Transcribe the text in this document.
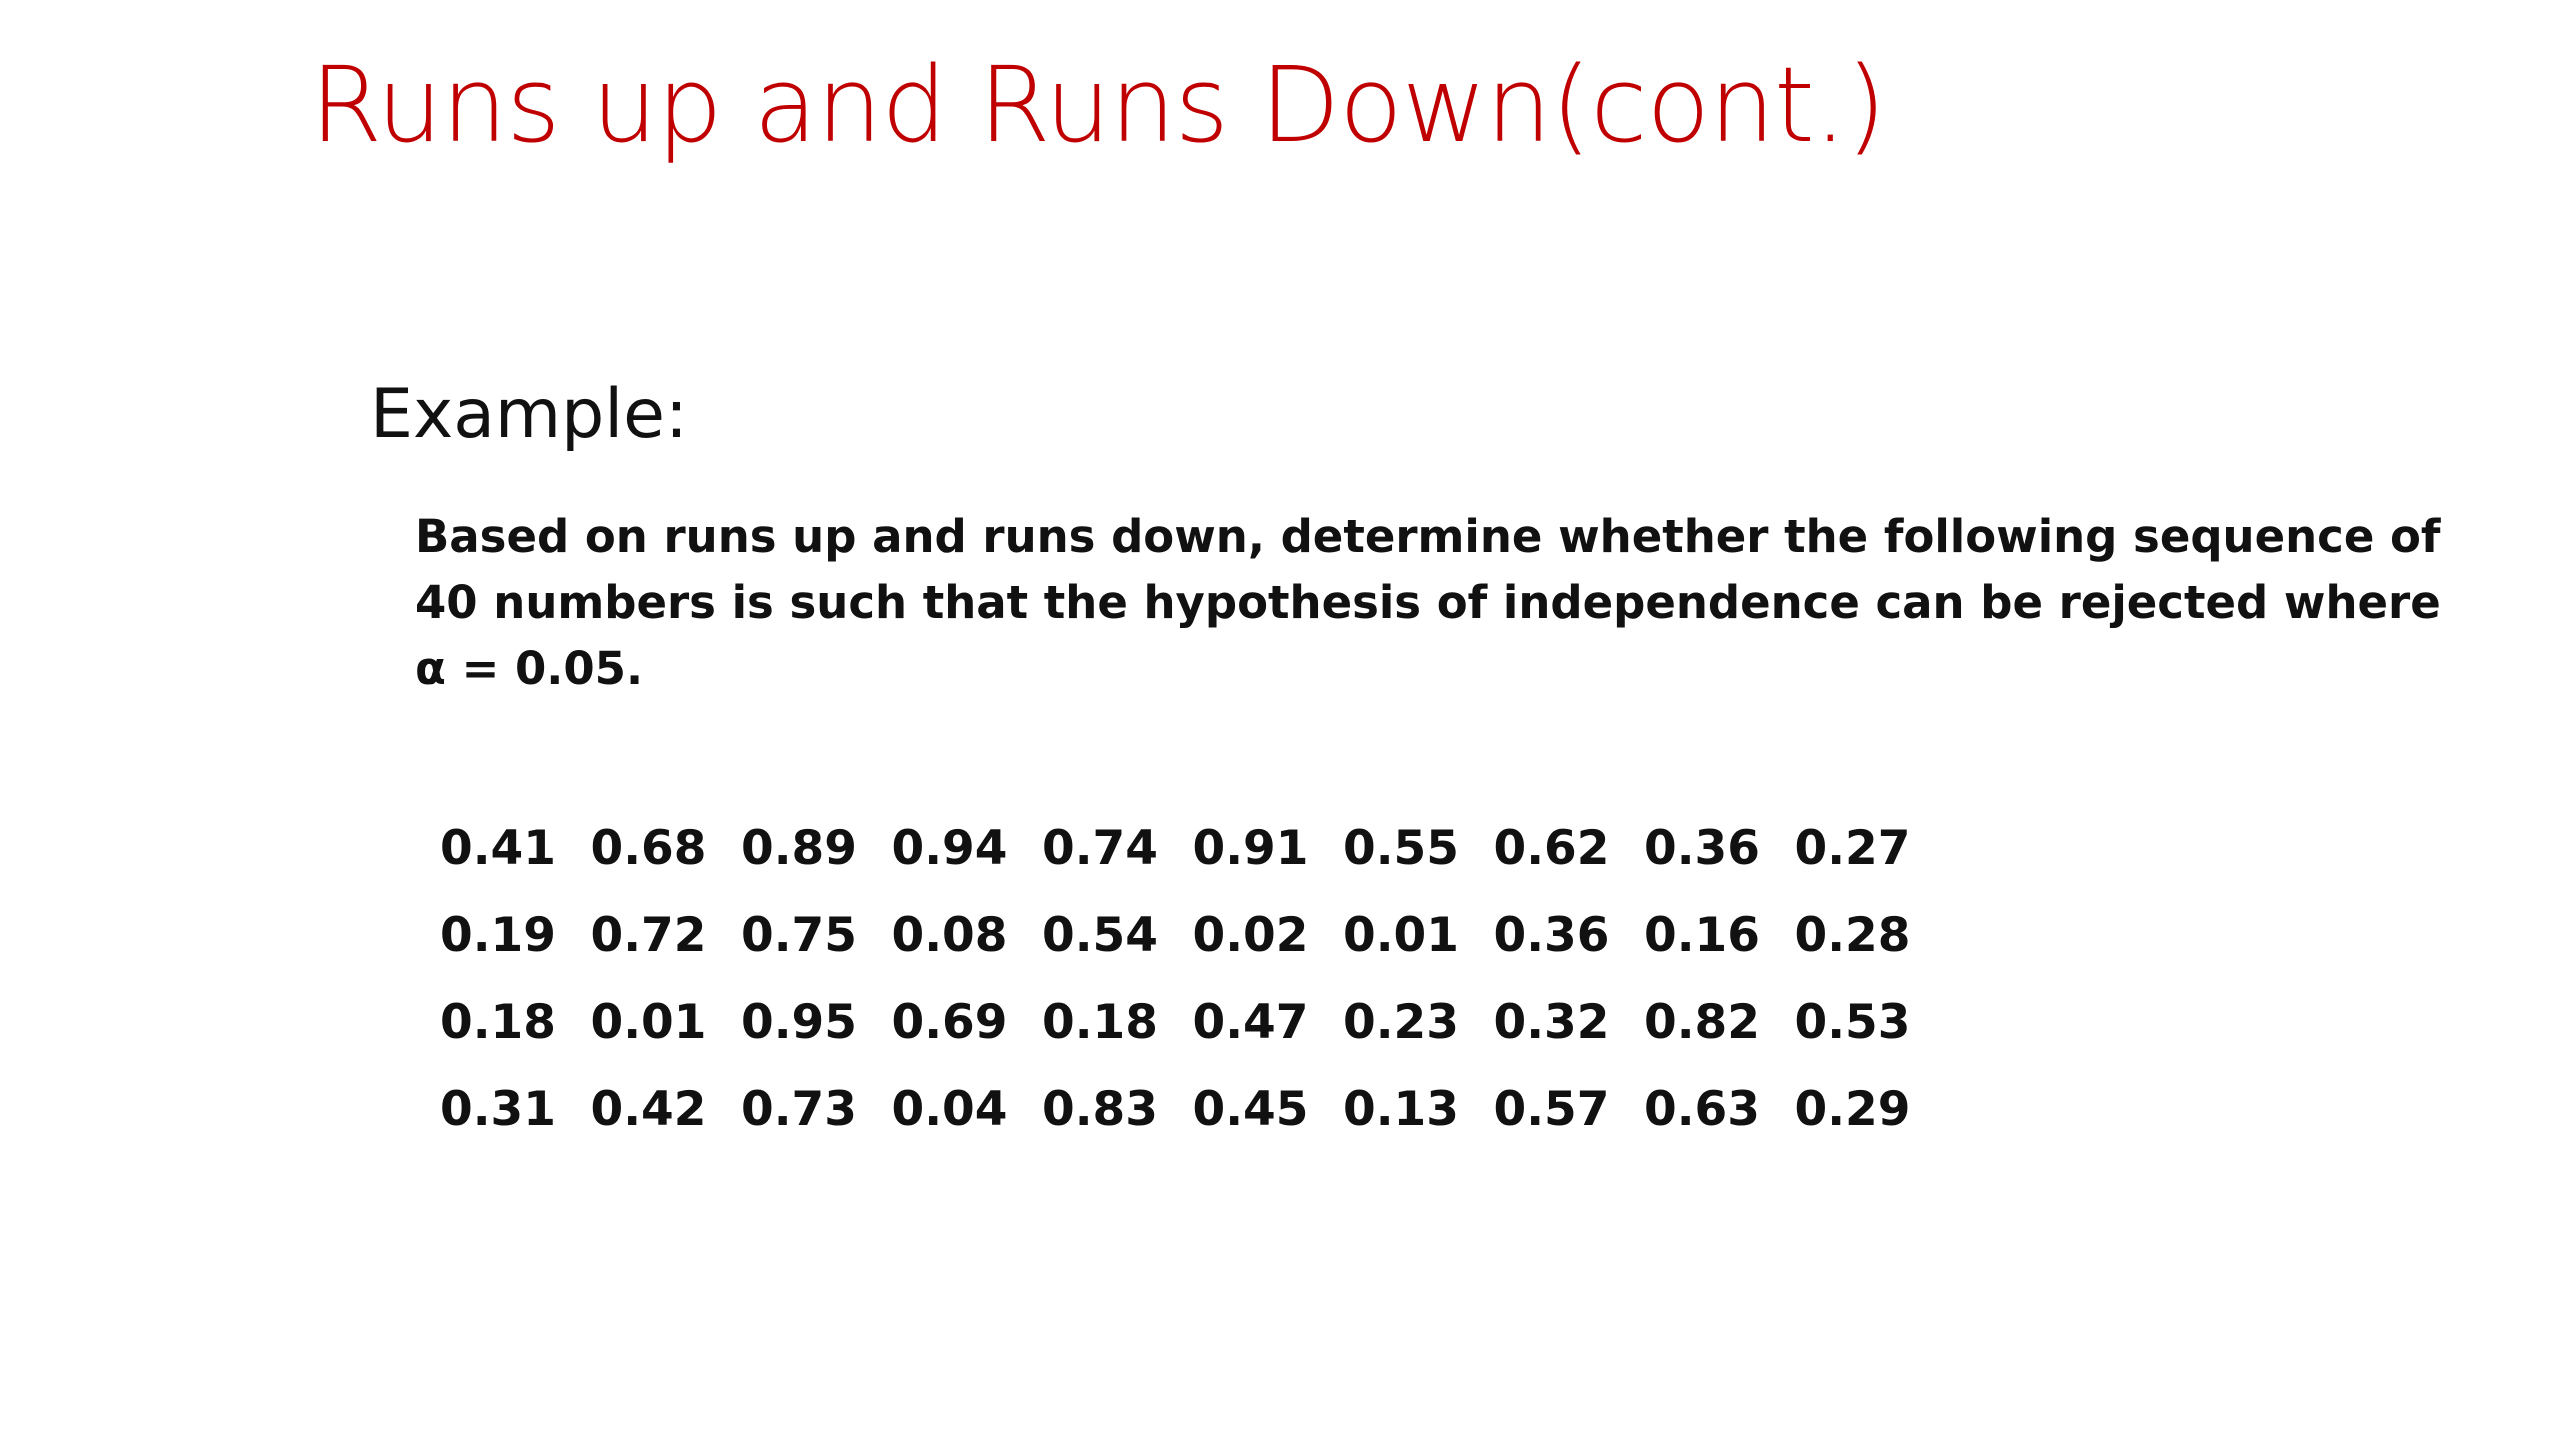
Runs up and Runs Down(cont.)
Example:
Based on runs up and runs down, determine whether the following sequence of
40 numbers is such that the hypothesis of independence can be rejected where
α = 0.05.
0.41	0.68	0.89	0.94	0.74	0.91	0.55	0.62	0.36	0.27
0.19	0.72	0.75	0.08	0.54	0.02	0.01	0.36	0.16	0.28
0.18	0.01	0.95	0.69	0.18	0.47	0.23	0.32	0.82	0.53
0.31	0.42	0.73	0.04	0.83	0.45	0.13	0.57	0.63	0.29
